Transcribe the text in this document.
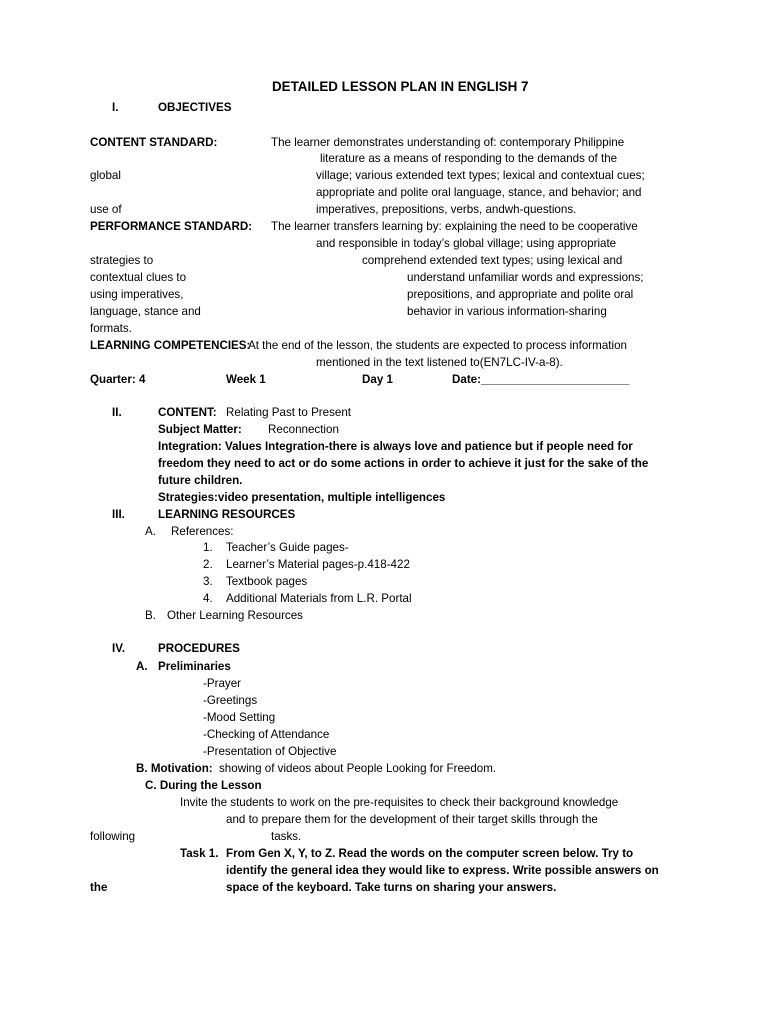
DETAILED LESSON PLAN IN ENGLISH 7
I.	OBJECTIVES
CONTENT STANDARD:	The learner demonstrates understanding of: contemporary Philippine
literature as a means of responding to the demands of the
global	village; various extended text types; lexical and contextual cues;
appropriate and polite oral language, stance, and behavior; and
use of	imperatives, prepositions, verbs, andwh-questions.
PERFORMANCE STANDARD: The learner transfers learning by: explaining the need to be cooperative
and responsible in today’s global village; using appropriate
strategies to	comprehend extended text types; using lexical and
contextual clues to	understand unfamiliar words and expressions;
using imperatives,	prepositions, and appropriate and polite oral
language, stance and	behavior in various information-sharing
formats.
LEARNING COMPETENCIES:
At the end of the lesson, the students are expected to process information
mentioned in the text listened to(EN7LC-IV-a-8).
Quarter: 4	Week 1	Day 1	Date:_______________________
II.	CONTENT: Relating Past to Present
Subject Matter: Reconnection
Integration: Values Integration-there is always love and patience but if people need for
freedom they need to act or do some actions in order to achieve it just for the sake of the
future children.
Strategies:video presentation, multiple intelligences
III.	LEARNING RESOURCES
A. References:
1. Teacher’s Guide pages-
2. Learner’s Material pages-p.418-422
3. Textbook pages
4. Additional Materials from L.R. Portal
B. Other Learning Resources
IV.	PROCEDURES
A. Preliminaries
-Prayer
-Greetings
-Mood Setting
-Checking of Attendance
-Presentation of Objective
B. Motivation: showing of videos about People Looking for Freedom.
C. During the Lesson
Invite the students to work on the pre-requisites to check their background knowledge
and to prepare them for the development of their target skills through the
following	tasks.
Task 1. From Gen X, Y, to Z. Read the words on the computer screen below. Try to
identify the general idea they would like to express. Write possible answers on
the	space of the keyboard. Take turns on sharing your answers.
